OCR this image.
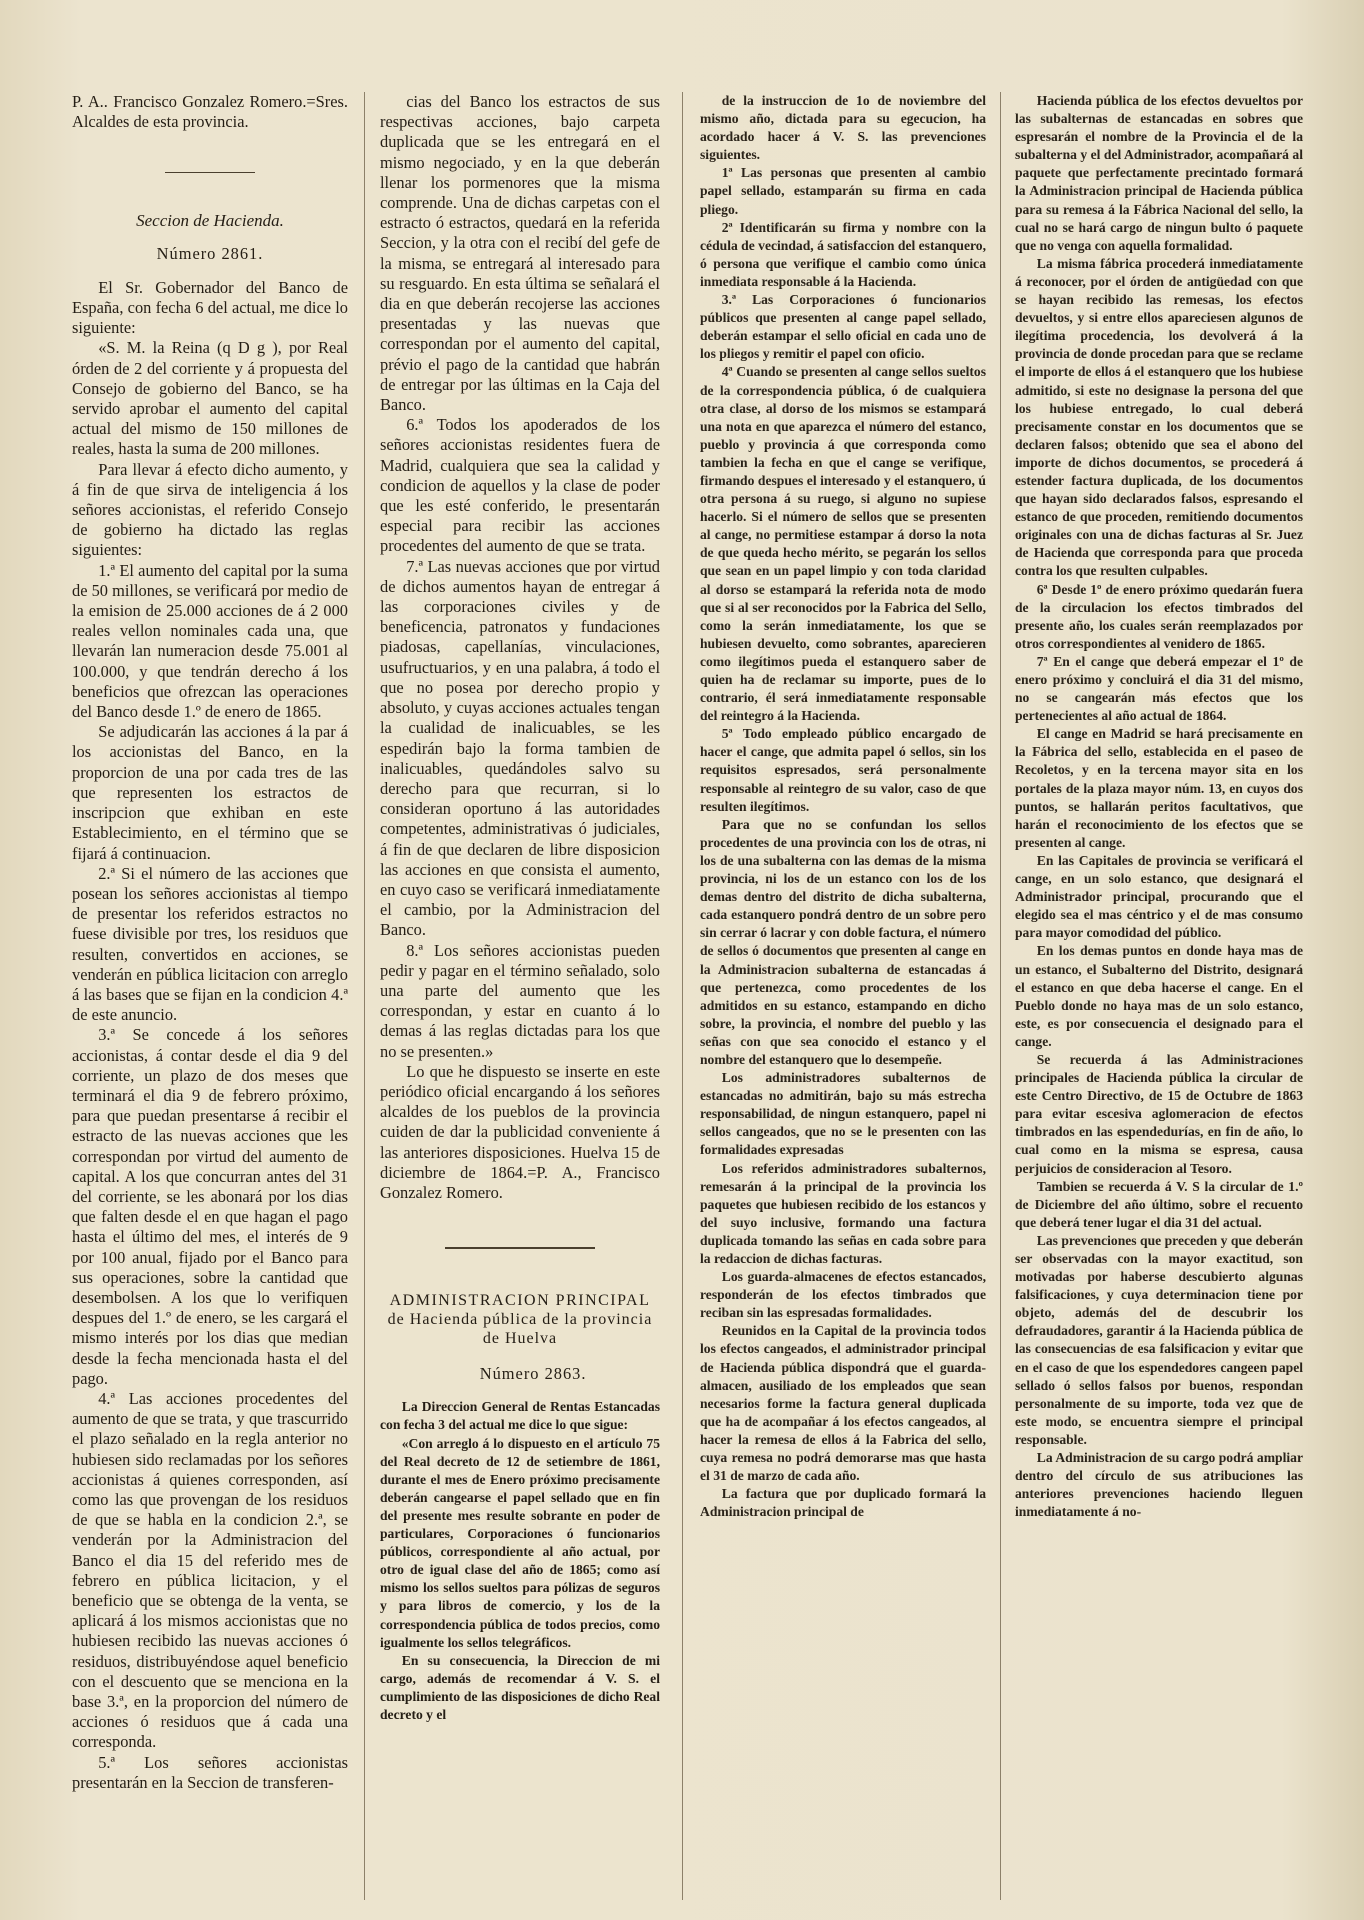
P. A.. Francisco Gonzalez Romero.=Sres. Alcaldes de esta provincia.

Seccion de Hacienda.

Número 2861.

El Sr. Gobernador del Banco de España, con fecha 6 del actual, me dice lo siguiente:

«S. M. la Reina (q D g ), por Real órden de 2 del corriente y á propuesta del Consejo de gobierno del Banco, se ha servido aprobar el aumento del capital actual del mismo de 150 millones de reales, hasta la suma de 200 millones.

Para llevar á efecto dicho aumento, y á fin de que sirva de inteligencia á los señores accionistas, el referido Consejo de gobierno ha dictado las reglas siguientes:

1.ª El aumento del capital por la suma de 50 millones, se verificará por medio de la emision de 25.000 acciones de á 2 000 reales vellon nominales cada una, que llevarán lan numeracion desde 75.001 al 100.000, y que tendrán derecho á los beneficios que ofrezcan las operaciones del Banco desde 1.º de enero de 1865.

Se adjudicarán las acciones á la par á los accionistas del Banco, en la proporcion de una por cada tres de las que representen los estractos de inscripcion que exhiban en este Establecimiento, en el término que se fijará á continuacion.

2.ª Si el número de las acciones que posean los señores accionistas al tiempo de presentar los referidos estractos no fuese divisible por tres, los residuos que resulten, convertidos en acciones, se venderán en pública licitacion con arreglo á las bases que se fijan en la condicion 4.ª de este anuncio.

3.ª Se concede á los señores accionistas, á contar desde el dia 9 del corriente, un plazo de dos meses que terminará el dia 9 de febrero próximo, para que puedan presentarse á recibir el estracto de las nuevas acciones que les correspondan por virtud del aumento de capital. A los que concurran antes del 31 del corriente, se les abonará por los dias que falten desde el en que hagan el pago hasta el último del mes, el interés de 9 por 100 anual, fijado por el Banco para sus operaciones, sobre la cantidad que desembolsen. A los que lo verifiquen despues del 1.º de enero, se les cargará el mismo interés por los dias que median desde la fecha mencionada hasta el del pago.

4.ª Las acciones procedentes del aumento de que se trata, y que trascurrido el plazo señalado en la regla anterior no hubiesen sido reclamadas por los señores accionistas á quienes corresponden, así como las que provengan de los residuos de que se habla en la condicion 2.ª, se venderán por la Administracion del Banco el dia 15 del referido mes de febrero en pública licitacion, y el beneficio que se obtenga de la venta, se aplicará á los mismos accionistas que no hubiesen recibido las nuevas acciones ó residuos, distribuyéndose aquel beneficio con el descuento que se menciona en la base 3.ª, en la proporcion del número de acciones ó residuos que á cada una corresponda.

5.ª Los señores accionistas presentarán en la Seccion de transferen-

cias del Banco los estractos de sus respectivas acciones, bajo carpeta duplicada que se les entregará en el mismo negociado, y en la que deberán llenar los pormenores que la misma comprende. Una de dichas carpetas con el estracto ó estractos, quedará en la referida Seccion, y la otra con el recibí del gefe de la misma, se entregará al interesado para su resguardo. En esta última se señalará el dia en que deberán recojerse las acciones presentadas y las nuevas que correspondan por el aumento del capital, prévio el pago de la cantidad que habrán de entregar por las últimas en la Caja del Banco.

6.ª Todos los apoderados de los señores accionistas residentes fuera de Madrid, cualquiera que sea la calidad y condicion de aquellos y la clase de poder que les esté conferido, le presentarán especial para recibir las acciones procedentes del aumento de que se trata.

7.ª Las nuevas acciones que por virtud de dichos aumentos hayan de entregar á las corporaciones civiles y de beneficencia, patronatos y fundaciones piadosas, capellanías, vinculaciones, usufructuarios, y en una palabra, á todo el que no posea por derecho propio y absoluto, y cuyas acciones actuales tengan la cualidad de inalicuables, se les espedirán bajo la forma tambien de inalicuables, quedándoles salvo su derecho para que recurran, si lo consideran oportuno á las autoridades competentes, administrativas ó judiciales, á fin de que declaren de libre disposicion las acciones en que consista el aumento, en cuyo caso se verificará inmediatamente el cambio, por la Administracion del Banco.

8.ª Los señores accionistas pueden pedir y pagar en el término señalado, solo una parte del aumento que les correspondan, y estar en cuanto á lo demas á las reglas dictadas para los que no se presenten.»

Lo que he dispuesto se inserte en este periódico oficial encargando á los señores alcaldes de los pueblos de la provincia cuiden de dar la publicidad conveniente á las anteriores disposiciones. Huelva 15 de diciembre de 1864.=P. A., Francisco Gonzalez Romero.

ADMINISTRACION PRINCIPAL
de Hacienda pública de la provincia de Huelva

Número 2863.

La Direccion General de Rentas Estancadas con fecha 3 del actual me dice lo que sigue:

«Con arreglo á lo dispuesto en el artículo 75 del Real decreto de 12 de setiembre de 1861, durante el mes de Enero próximo precisamente deberán cangearse el papel sellado que en fin del presente mes resulte sobrante en poder de particulares, Corporaciones ó funcionarios públicos, correspondiente al año actual, por otro de igual clase del año de 1865; como así mismo los sellos sueltos para pólizas de seguros y para libros de comercio, y los de la correspondencia pública de todos precios, como igualmente los sellos telegráficos.

En su consecuencia, la Direccion de mi cargo, además de recomendar á V. S. el cumplimiento de las disposiciones de dicho Real decreto y el

de la instruccion de 1o de noviembre del mismo año, dictada para su egecucion, ha acordado hacer á V. S. las prevenciones siguientes.

1ª Las personas que presenten al cambio papel sellado, estamparán su firma en cada pliego.

2ª Identificarán su firma y nombre con la cédula de vecindad, á satisfaccion del estanquero, ó persona que verifique el cambio como única inmediata responsable á la Hacienda.

3.ª Las Corporaciones ó funcionarios públicos que presenten al cange papel sellado, deberán estampar el sello oficial en cada uno de los pliegos y remitir el papel con oficio.

4ª Cuando se presenten al cange sellos sueltos de la correspondencia pública, ó de cualquiera otra clase, al dorso de los mismos se estampará una nota en que aparezca el número del estanco, pueblo y provincia á que corresponda como tambien la fecha en que el cange se verifique, firmando despues el interesado y el estanquero, ú otra persona á su ruego, si alguno no supiese hacerlo. Si el número de sellos que se presenten al cange, no permitiese estampar á dorso la nota de que queda hecho mérito, se pegarán los sellos que sean en un papel limpio y con toda claridad al dorso se estampará la referida nota de modo que si al ser reconocidos por la Fabrica del Sello, como la serán inmediatamente, los que se hubiesen devuelto, como sobrantes, aparecieren como ilegítimos pueda el estanquero saber de quien ha de reclamar su importe, pues de lo contrario, él será inmediatamente responsable del reintegro á la Hacienda.

5ª Todo empleado público encargado de hacer el cange, que admita papel ó sellos, sin los requisitos espresados, será personalmente responsable al reintegro de su valor, caso de que resulten ilegítimos.

Para que no se confundan los sellos procedentes de una provincia con los de otras, ni los de una subalterna con las demas de la misma provincia, ni los de un estanco con los de los demas dentro del distrito de dicha subalterna, cada estanquero pondrá dentro de un sobre pero sin cerrar ó lacrar y con doble factura, el número de sellos ó documentos que presenten al cange en la Administracion subalterna de estancadas á que pertenezca, como procedentes de los admitidos en su estanco, estampando en dicho sobre, la provincia, el nombre del pueblo y las señas con que sea conocido el estanco y el nombre del estanquero que lo desempeñe.

Los administradores subalternos de estancadas no admitirán, bajo su más estrecha responsabilidad, de ningun estanquero, papel ni sellos cangeados, que no se le presenten con las formalidades expresadas

Los referidos administradores subalternos, remesarán á la principal de la provincia los paquetes que hubiesen recibido de los estancos y del suyo inclusive, formando una factura duplicada tomando las señas en cada sobre para la redaccion de dichas facturas.

Los guarda-almacenes de efectos estancados, responderán de los efectos timbrados que reciban sin las espresadas formalidades.

Reunidos en la Capital de la provincia todos los efectos cangeados, el administrador principal de Hacienda pública dispondrá que el guarda-almacen, ausiliado de los empleados que sean necesarios forme la factura general duplicada que ha de acompañar á los efectos cangeados, al hacer la remesa de ellos á la Fabrica del sello, cuya remesa no podrá demorarse mas que hasta el 31 de marzo de cada año.

La factura que por duplicado formará la Administracion principal de

Hacienda pública de los efectos devueltos por las subalternas de estancadas en sobres que espresarán el nombre de la Provincia el de la subalterna y el del Administrador, acompañará al paquete que perfectamente precintado formará la Administracion principal de Hacienda pública para su remesa á la Fábrica Nacional del sello, la cual no se hará cargo de ningun bulto ó paquete que no venga con aquella formalidad.

La misma fábrica procederá inmediatamente á reconocer, por el órden de antigüedad con que se hayan recibido las remesas, los efectos devueltos, y si entre ellos apareciesen algunos de ilegítima procedencia, los devolverá á la provincia de donde procedan para que se reclame el importe de ellos á el estanquero que los hubiese admitido, si este no designase la persona del que los hubiese entregado, lo cual deberá precisamente constar en los documentos que se declaren falsos; obtenido que sea el abono del importe de dichos documentos, se procederá á estender factura duplicada, de los documentos que hayan sido declarados falsos, espresando el estanco de que proceden, remitiendo documentos originales con una de dichas facturas al Sr. Juez de Hacienda que corresponda para que proceda contra los que resulten culpables.

6ª Desde 1º de enero próximo quedarán fuera de la circulacion los efectos timbrados del presente año, los cuales serán reemplazados por otros correspondientes al venidero de 1865.

7ª En el cange que deberá empezar el 1º de enero próximo y concluirá el dia 31 del mismo, no se cangearán más efectos que los pertenecientes al año actual de 1864.

El cange en Madrid se hará precisamente en la Fábrica del sello, establecida en el paseo de Recoletos, y en la tercena mayor sita en los portales de la plaza mayor núm. 13, en cuyos dos puntos, se hallarán peritos facultativos, que harán el reconocimiento de los efectos que se presenten al cange.

En las Capitales de provincia se verificará el cange, en un solo estanco, que designará el Administrador principal, procurando que el elegido sea el mas céntrico y el de mas consumo para mayor comodidad del público.

En los demas puntos en donde haya mas de un estanco, el Subalterno del Distrito, designará el estanco en que deba hacerse el cange. En el Pueblo donde no haya mas de un solo estanco, este, es por consecuencia el designado para el cange.

Se recuerda á las Administraciones principales de Hacienda pública la circular de este Centro Directivo, de 15 de Octubre de 1863 para evitar escesiva aglomeracion de efectos timbrados en las espendedurías, en fin de año, lo cual como en la misma se espresa, causa perjuicios de consideracion al Tesoro.

Tambien se recuerda á V. S la circular de 1.º de Diciembre del año último, sobre el recuento que deberá tener lugar el dia 31 del actual.

Las prevenciones que preceden y que deberán ser observadas con la mayor exactitud, son motivadas por haberse descubierto algunas falsificaciones, y cuya determinacion tiene por objeto, además del de descubrir los defraudadores, garantir á la Hacienda pública de las consecuencias de esa falsificacion y evitar que en el caso de que los espendedores cangeen papel sellado ó sellos falsos por buenos, respondan personalmente de su importe, toda vez que de este modo, se encuentra siempre el principal responsable.

La Administracion de su cargo podrá ampliar dentro del círculo de sus atribuciones las anteriores prevenciones haciendo lleguen inmediatamente á no-
